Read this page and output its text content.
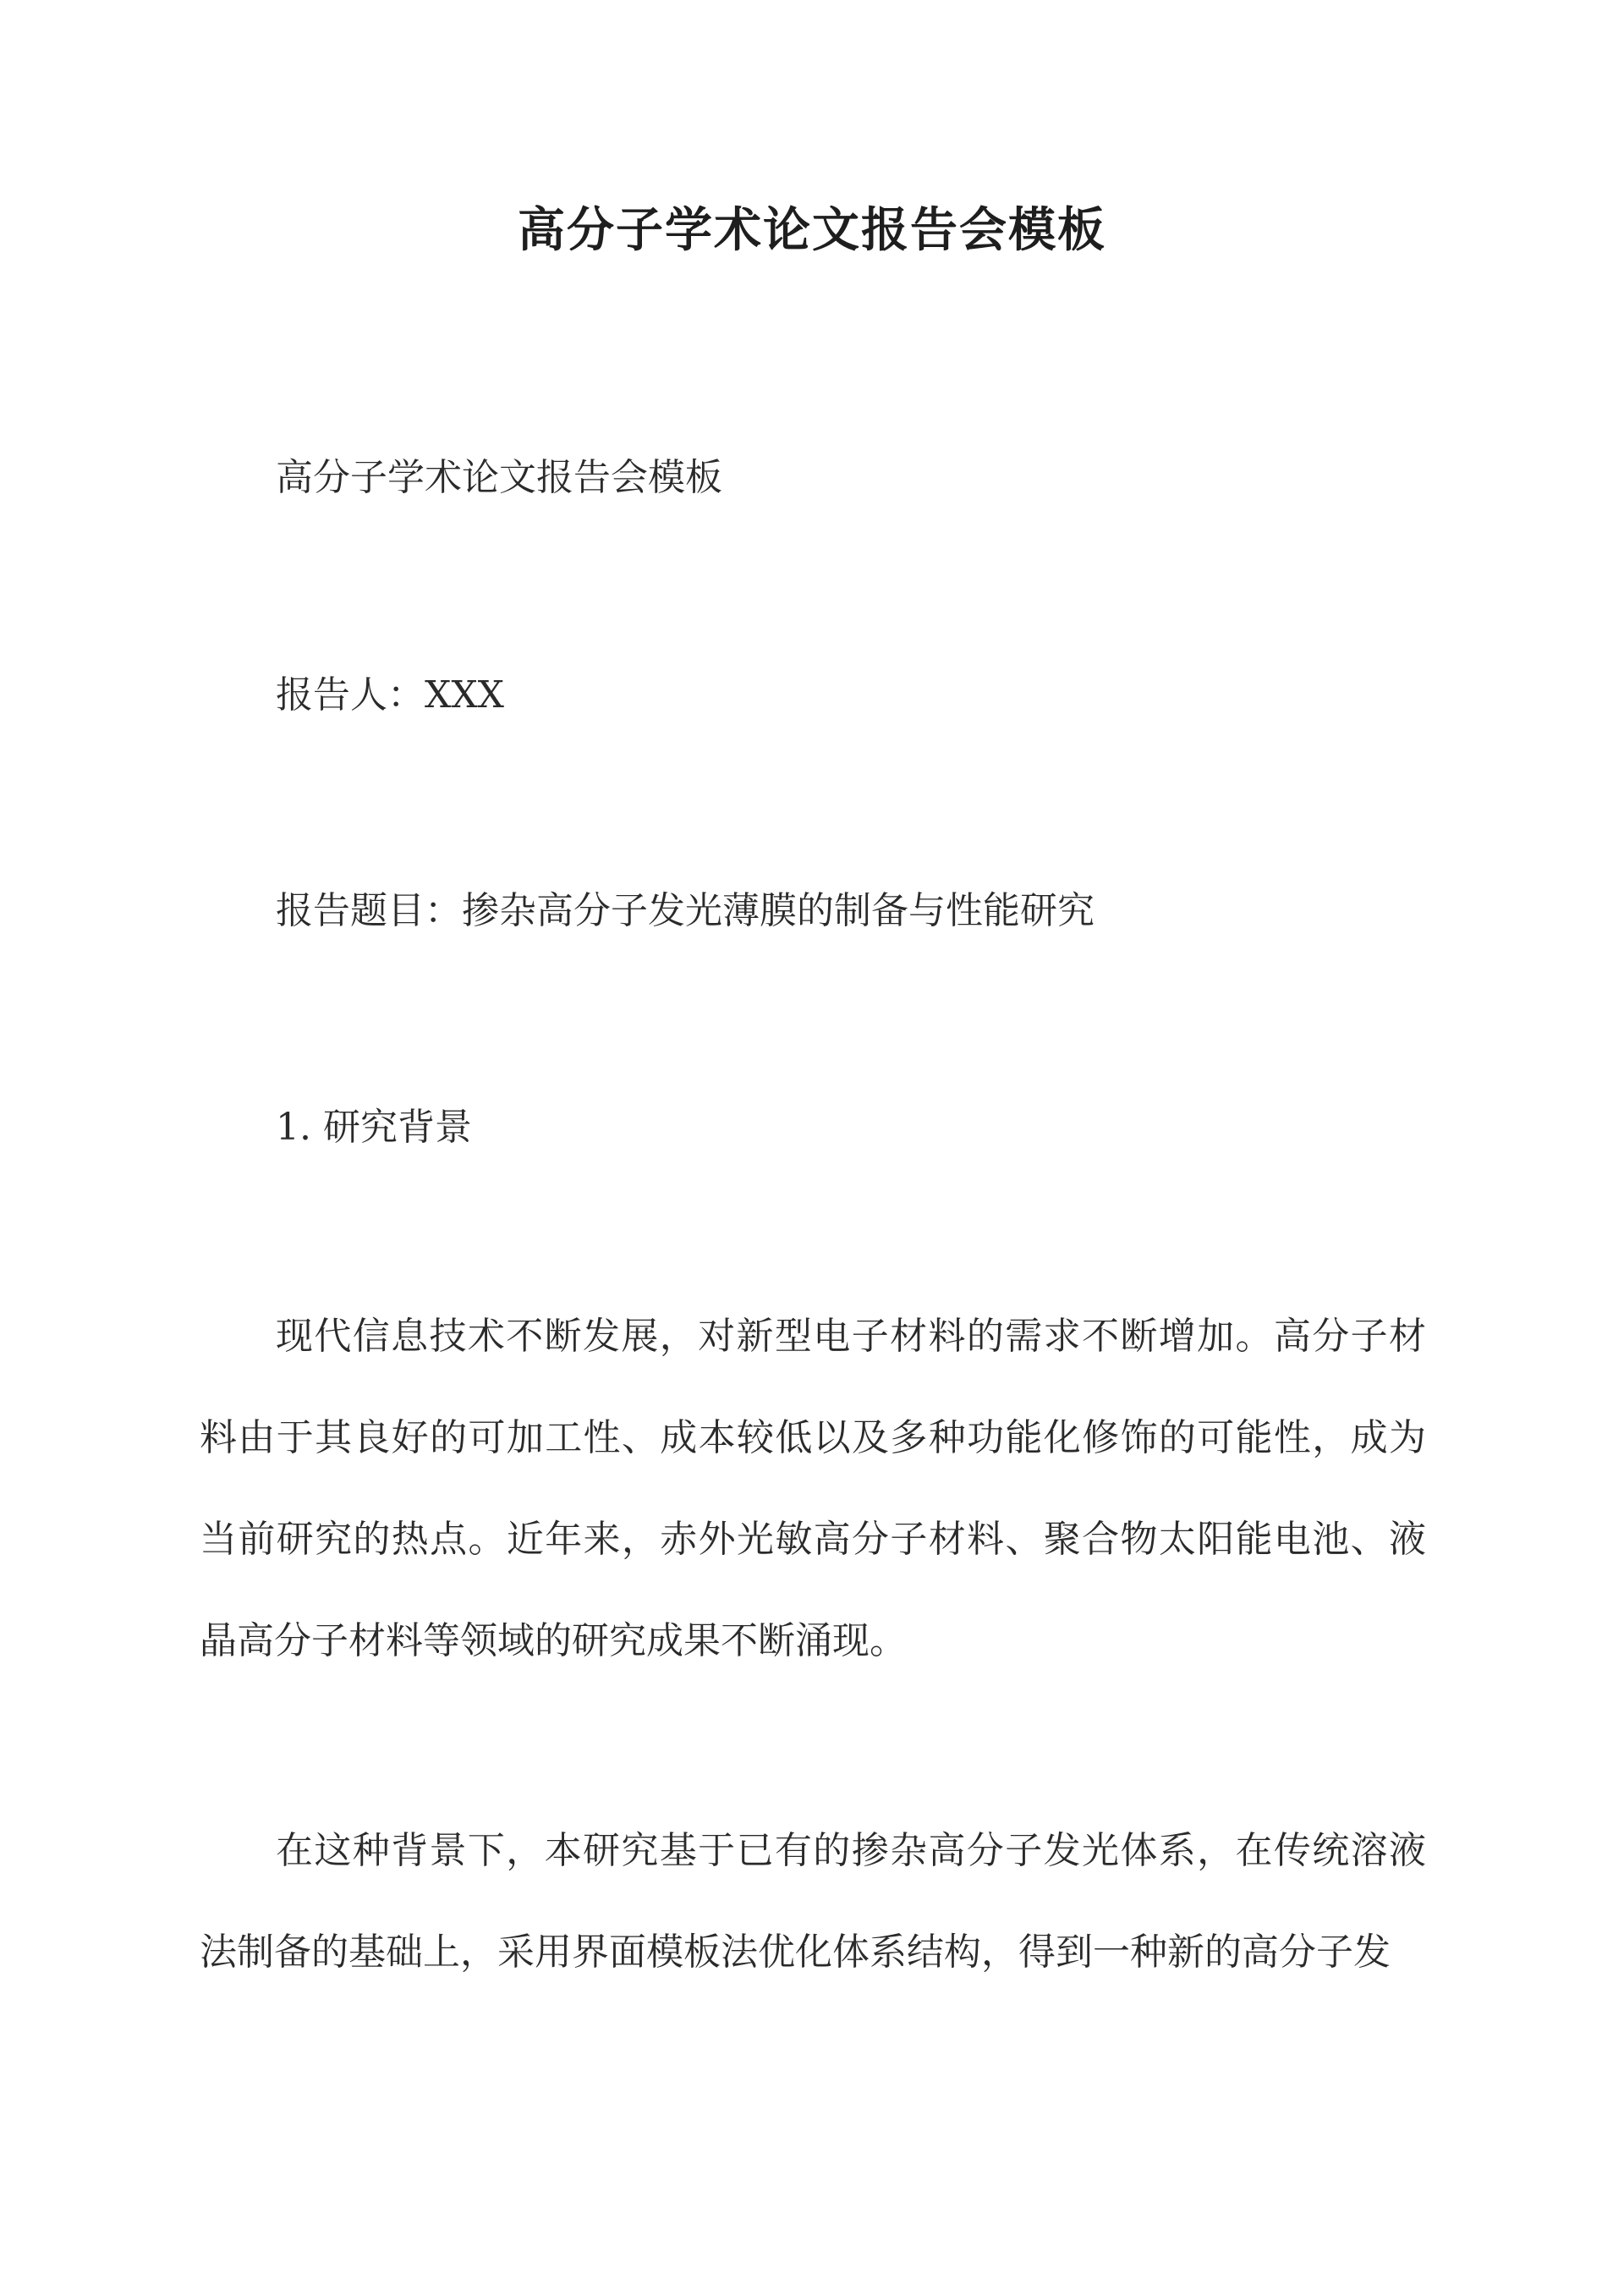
高分子学术论文报告会模板

高分子学术论文报告会模板

报告人：XXX

报告题目：掺杂高分子发光薄膜的制备与性能研究

1. 研究背景

现代信息技术不断发展，对新型电子材料的需求不断增加。高分子材料由于其良好的可加工性、成本较低以及多种功能化修饰的可能性，成为当前研究的热点。近年来，赤外光敏高分子材料、聚合物太阳能电池、液晶高分子材料等领域的研究成果不断涌现。

在这种背景下，本研究基于已有的掺杂高分子发光体系，在传统溶液法制备的基础上，采用界面模板法优化体系结构，得到一种新的高分子发
